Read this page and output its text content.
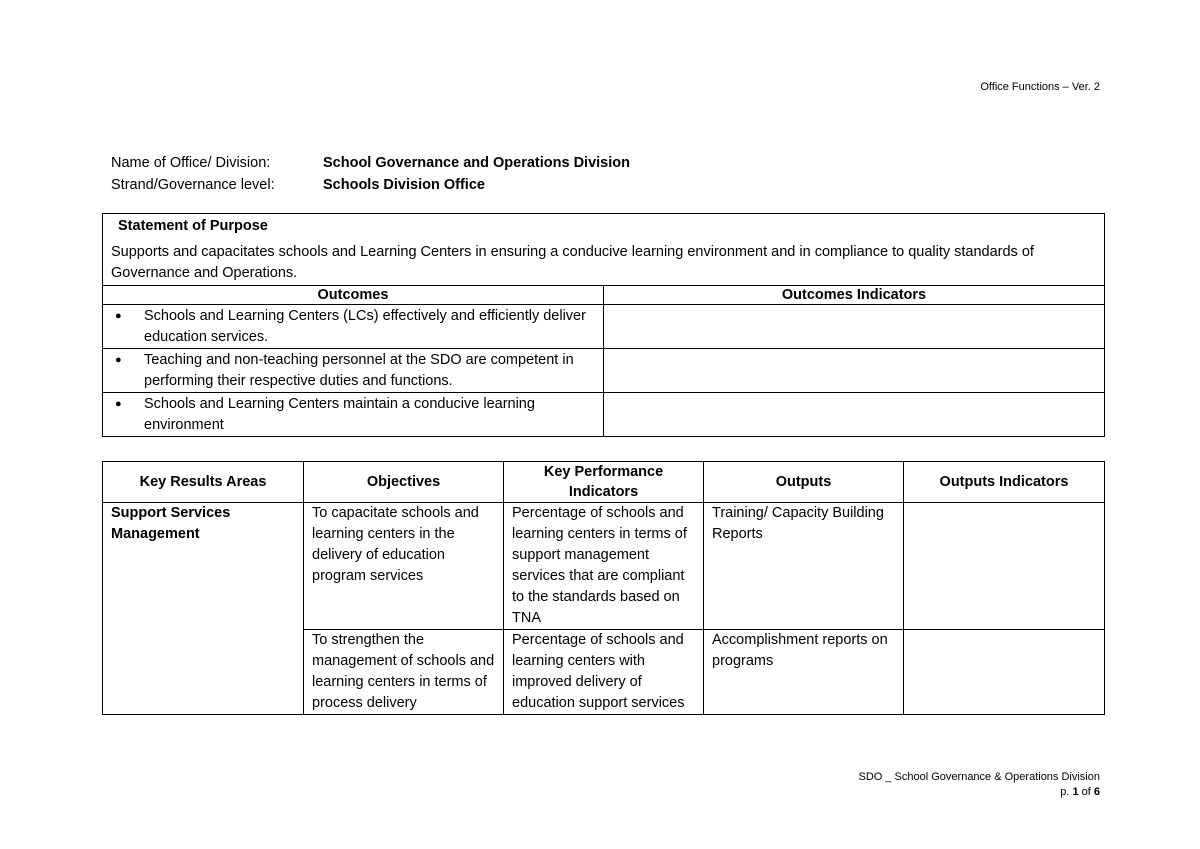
Office Functions – Ver. 2
Name of Office/ Division:	School Governance and Operations Division
Strand/Governance level:	Schools Division Office
Statement of Purpose
Supports and capacitates schools and Learning Centers in ensuring a conducive learning environment and in compliance to quality standards of Governance and Operations.	
Outcomes	Outcomes Indicators

● Schools and Learning Centers (LCs) effectively and efficiently deliver education services.	

● Teaching and non-teaching personnel at the SDO are competent in performing their respective duties and functions.	

● Schools and Learning Centers maintain a conducive learning environment	

Key Results Areas	Objectives	Key Performance Indicators	Outputs	Outputs Indicators
Support Services Management	To capacitate schools and learning centers in the delivery of education program services	Percentage of schools and learning centers in terms of support management services that are compliant to the standards based on TNA	Training/ Capacity Building Reports	
	To strengthen the management of schools and learning centers in terms of process delivery	Percentage of schools and learning centers with improved delivery of education support services	Accomplishment reports on programs	
SDO _ School Governance & Operations Division
p. 1 of 6
